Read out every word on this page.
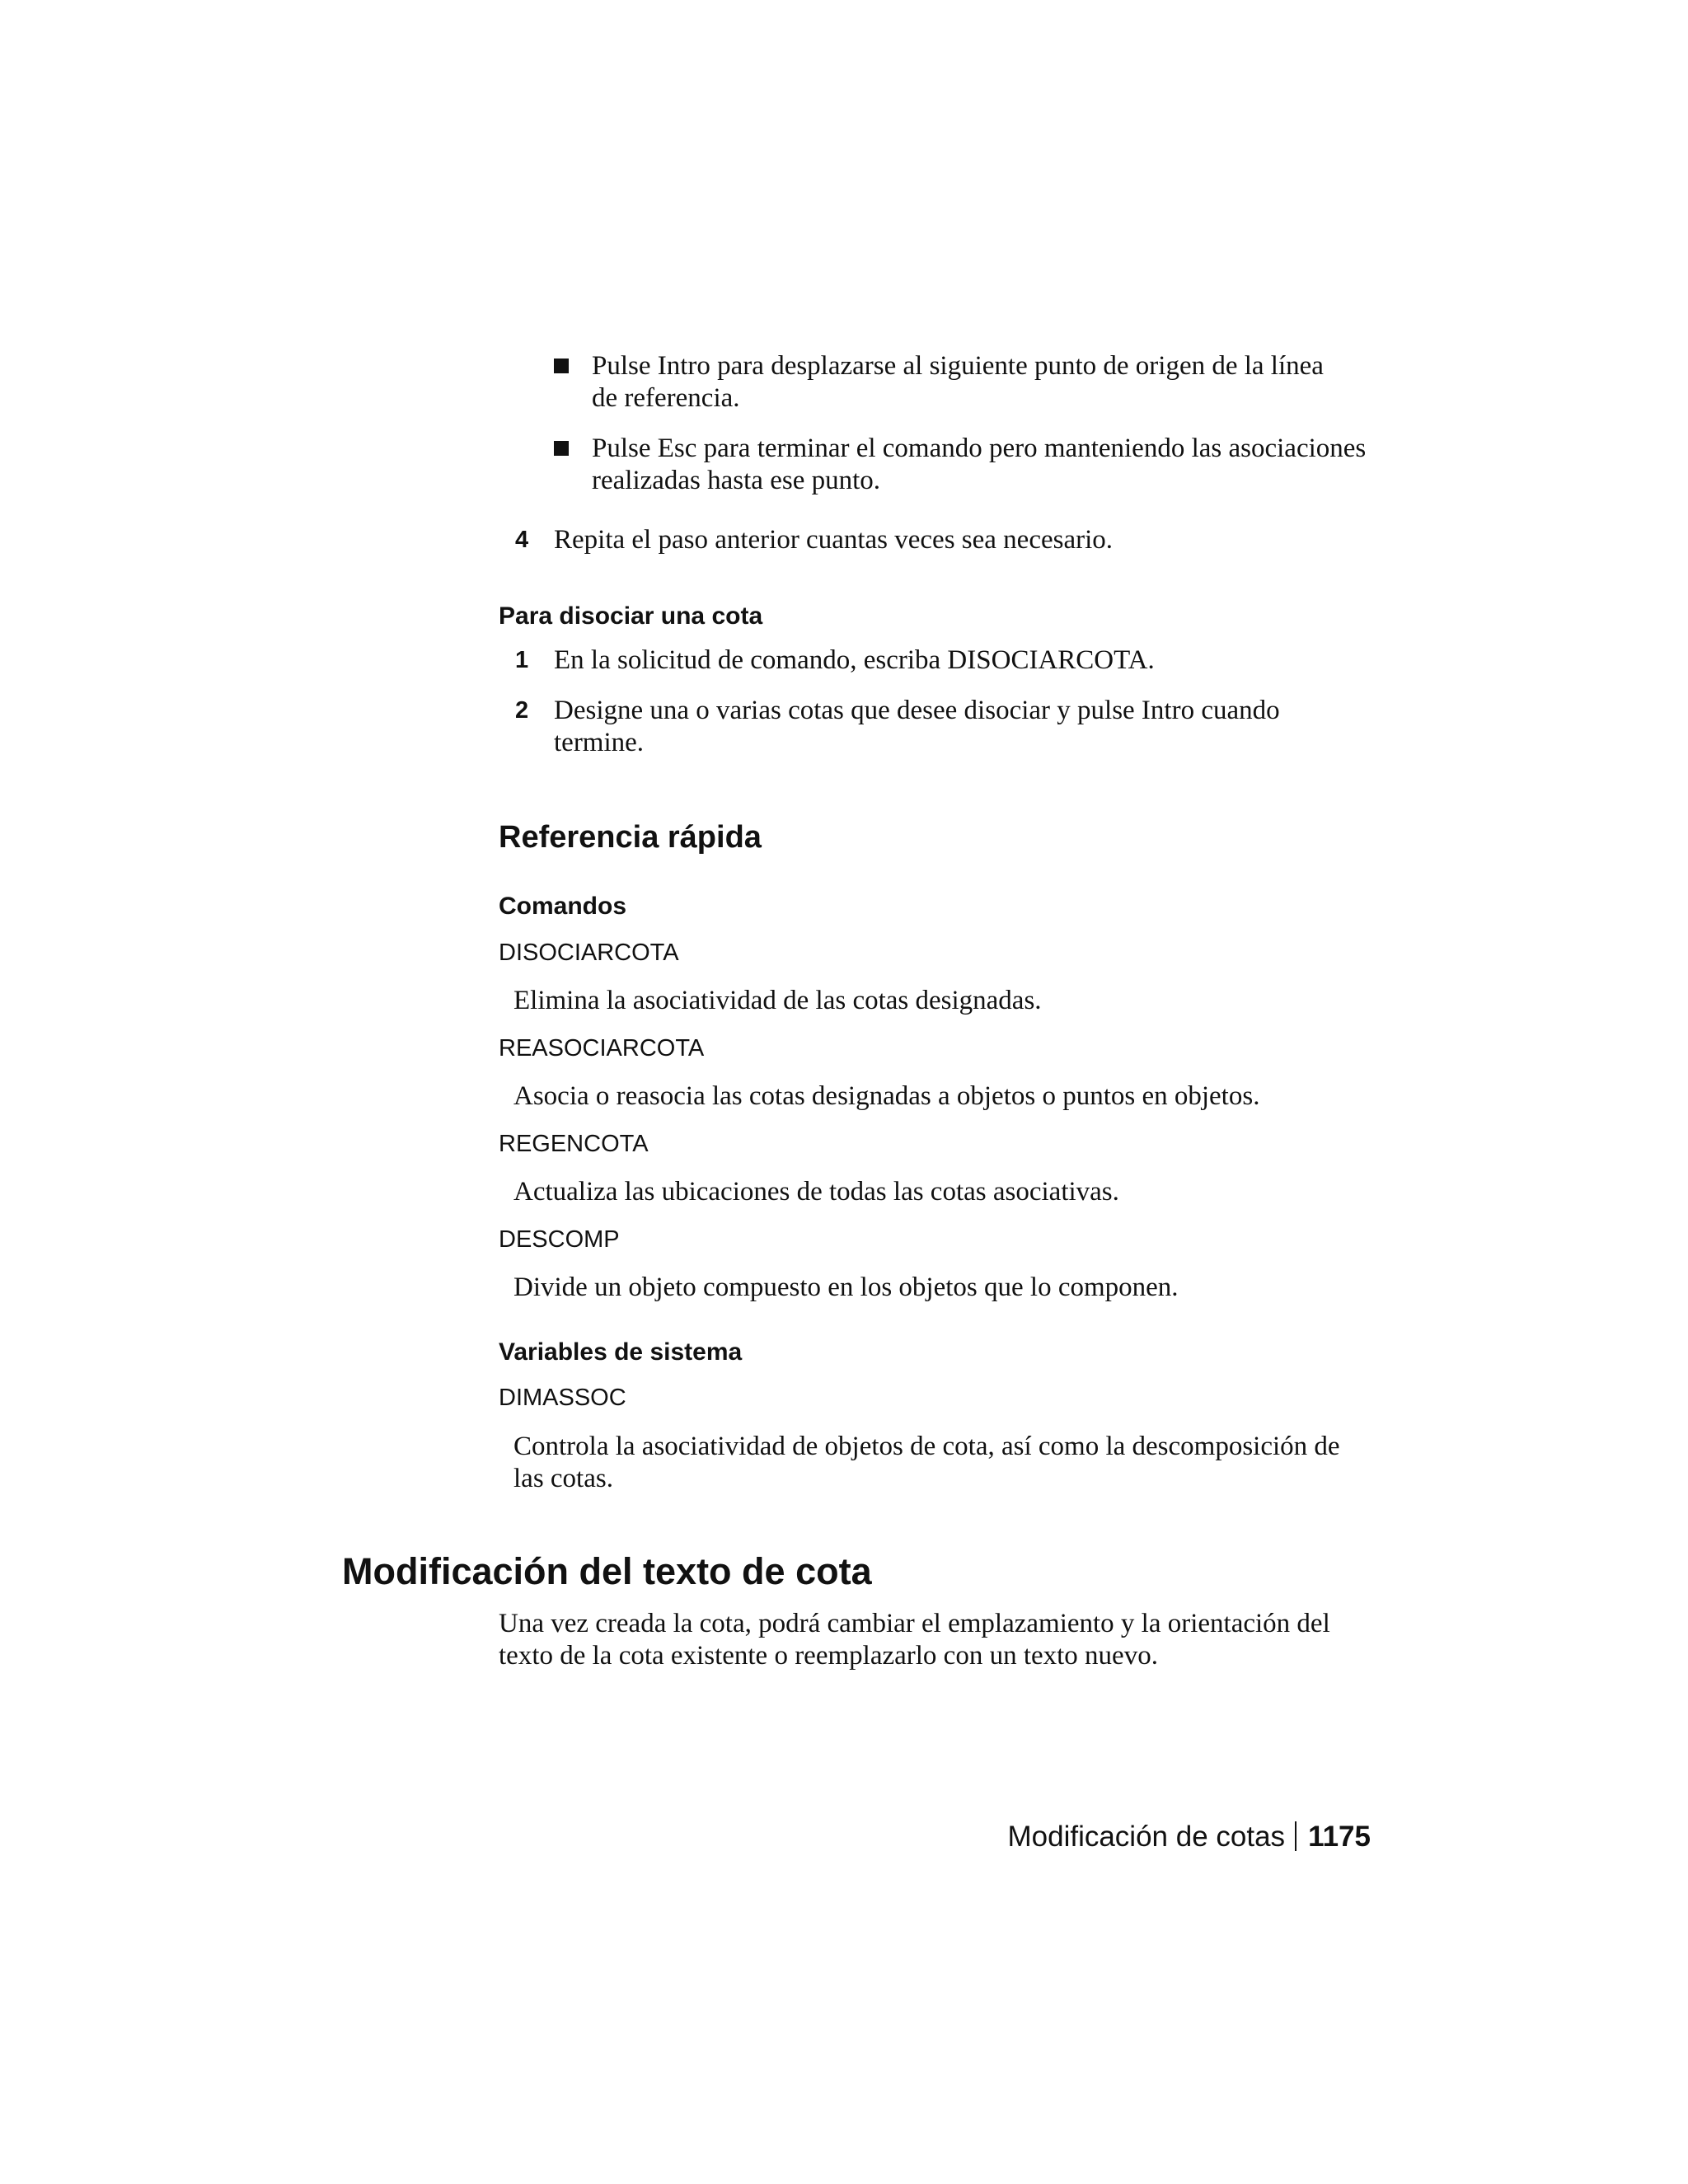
Pulse Intro para desplazarse al siguiente punto de origen de la línea
de referencia.
Pulse Esc para terminar el comando pero manteniendo las asociaciones
realizadas hasta ese punto.
4 Repita el paso anterior cuantas veces sea necesario.
Para disociar una cota
1 En la solicitud de comando, escriba DISOCIARCOTA.
2 Designe una o varias cotas que desee disociar y pulse Intro cuando
termine.
Referencia rápida
Comandos
DISOCIARCOTA
Elimina la asociatividad de las cotas designadas.
REASOCIARCOTA
Asocia o reasocia las cotas designadas a objetos o puntos en objetos.
REGENCOTA
Actualiza las ubicaciones de todas las cotas asociativas.
DESCOMP
Divide un objeto compuesto en los objetos que lo componen.
Variables de sistema
DIMASSOC
Controla la asociatividad de objetos de cota, así como la descomposición de
las cotas.
Modificación del texto de cota
Una vez creada la cota, podrá cambiar el emplazamiento y la orientación del
texto de la cota existente o reemplazarlo con un texto nuevo.
Modificación de cotas 1175
